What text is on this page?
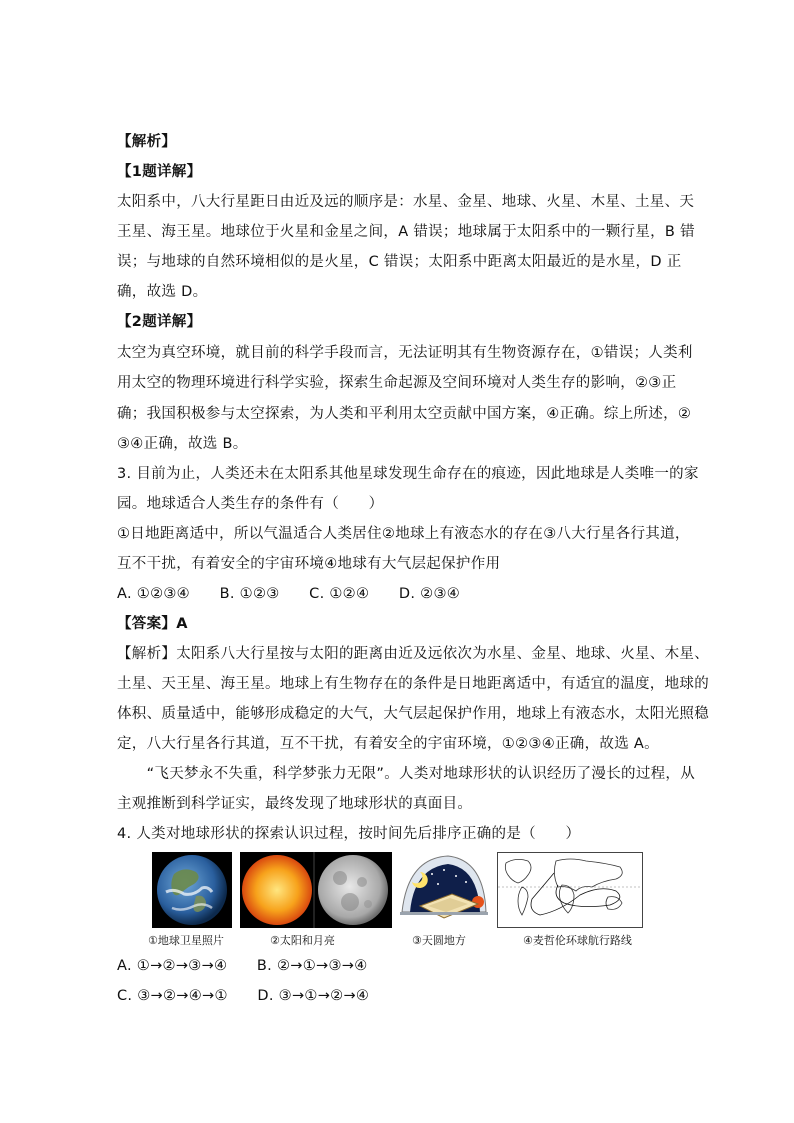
【解析】
【1题详解】
太阳系中，八大行星距日由近及远的顺序是：水星、金星、地球、火星、木星、土星、天
王星、海王星。地球位于火星和金星之间，A 错误；地球属于太阳系中的一颗行星，B 错
误；与地球的自然环境相似的是火星，C 错误；太阳系中距离太阳最近的是水星，D 正
确，故选 D。
【2题详解】
太空为真空环境，就目前的科学手段而言，无法证明其有生物资源存在，①错误；人类利
用太空的物理环境进行科学实验，探索生命起源及空间环境对人类生存的影响，②③正
确；我国积极参与太空探索，为人类和平利用太空贡献中国方案，④正确。综上所述，②
③④正确，故选 B。
3. 目前为止，人类还未在太阳系其他星球发现生命存在的痕迹，因此地球是人类唯一的家
园。地球适合人类生存的条件有（　　）
①日地距离适中，所以气温适合人类居住②地球上有液态水的存在③八大行星各行其道，
互不干扰，有着安全的宇宙环境④地球有大气层起保护作用
A. ①②③④　　B. ①②③　　C. ①②④　　D. ②③④
【答案】A
【解析】太阳系八大行星按与太阳的距离由近及远依次为水星、金星、地球、火星、木星、
土星、天王星、海王星。地球上有生物存在的条件是日地距离适中，有适宜的温度，地球的
体积、质量适中，能够形成稳定的大气，大气层起保护作用，地球上有液态水，太阳光照稳
定，八大行星各行其道，互不干扰，有着安全的宇宙环境，①②③④正确，故选 A。
　　“飞天梦永不失重，科学梦张力无限”。人类对地球形状的认识经历了漫长的过程，从
主观推断到科学证实，最终发现了地球形状的真面目。
4. 人类对地球形状的探索认识过程，按时间先后排序正确的是（　　）
①地球卫星照片	②太阳和月亮	③天圆地方	④麦哲伦环球航行路线
A. ①→②→③→④　　B. ②→①→③→④
C. ③→②→④→①　　D. ③→①→②→④
